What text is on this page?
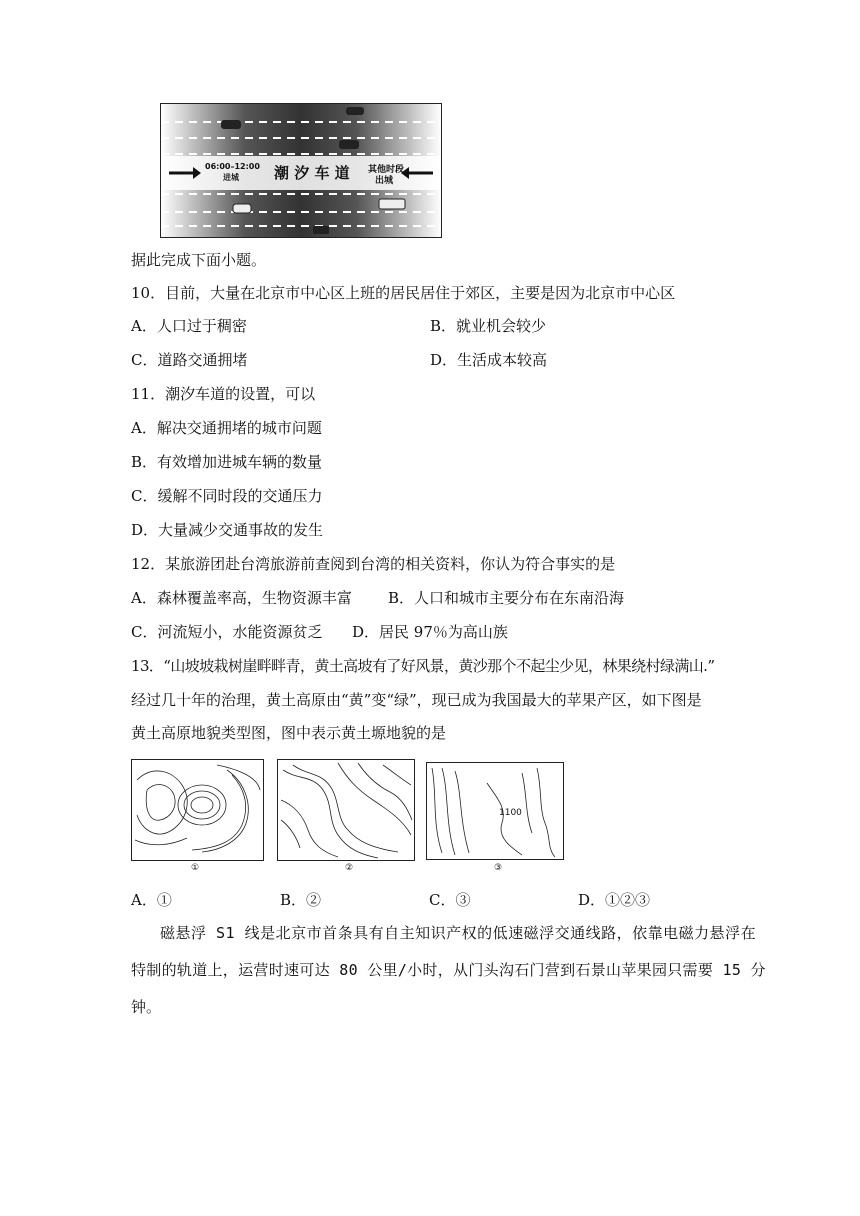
06:00–12:00
进城 潮 汐 车 道 其他时段
出城
据此完成下面小题。
10．目前，大量在北京市中心区上班的居民居住于郊区，主要是因为北京市中心区
A．人口过于稠密	B．就业机会较少
C．道路交通拥堵	D．生活成本较高
11．潮汐车道的设置，可以
A．解决交通拥堵的城市问题
B．有效增加进城车辆的数量
C．缓解不同时段的交通压力
D．大量减少交通事故的发生
12．某旅游团赴台湾旅游前查阅到台湾的相关资料，你认为符合事实的是
A．森林覆盖率高，生物资源丰富 B．人口和城市主要分布在东南沿海
C．河流短小，水能资源贫乏 D．居民 97％为高山族
13．“山坡坡栽树崖畔畔青，黄土高坡有了好风景，黄沙那个不起尘少见，林果绕村绿满山.”
经过几十年的治理，黄土高原由“黄”变“绿”，现已成为我国最大的苹果产区，如下图是
黄土高原地貌类型图，图中表示黄土塬地貌的是
①	②
1100
③
A．①	B．②	C．③	D．①②③
磁悬浮 S1 线是北京市首条具有自主知识产权的低速磁浮交通线路，依靠电磁力悬浮在
特制的轨道上，运营时速可达 80 公里/小时，从门头沟石门营到石景山苹果园只需要 15 分
钟。
